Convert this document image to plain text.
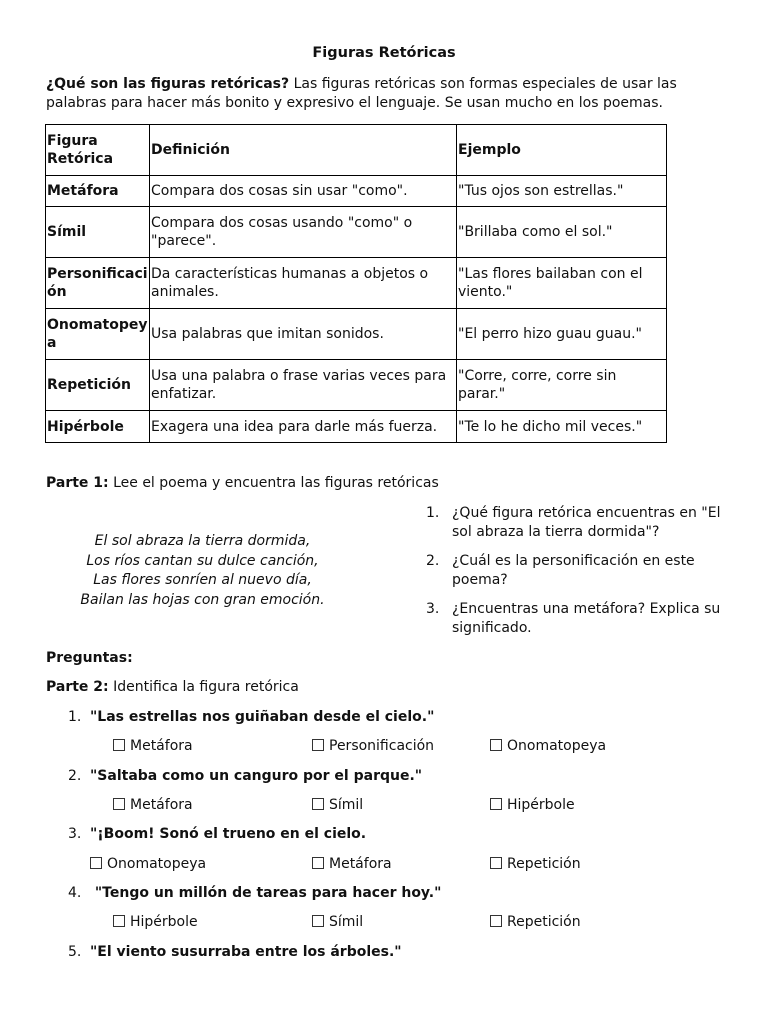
Figuras Retóricas
¿Qué son las figuras retóricas? Las figuras retóricas son formas especiales de usar las palabras para hacer más bonito y expresivo el lenguaje. Se usan mucho en los poemas.
Figura Retórica	Definición	Ejemplo
Metáfora	Compara dos cosas sin usar "como".	"Tus ojos son estrellas."
Símil	Compara dos cosas usando "como" o "parece".	"Brillaba como el sol."
Personificación	Da características humanas a objetos o animales.	"Las flores bailaban con el viento."
Onomatopeya	Usa palabras que imitan sonidos.	"El perro hizo guau guau."
Repetición	Usa una palabra o frase varias veces para enfatizar.	"Corre, corre, corre sin parar."
Hipérbole	Exagera una idea para darle más fuerza.	"Te lo he dicho mil veces."
Parte 1: Lee el poema y encuentra las figuras retóricas
El sol abraza la tierra dormida,
Los ríos cantan su dulce canción,
Las flores sonríen al nuevo día,
Bailan las hojas con gran emoción.
1. ¿Qué figura retórica encuentras en "El sol abraza la tierra dormida"?
2. ¿Cuál es la personificación en este poema?
3. ¿Encuentras una metáfora? Explica su significado.
Preguntas:
Parte 2: Identifica la figura retórica
1. "Las estrellas nos guiñaban desde el cielo."
Metáfora	Personificación	Onomatopeya
2. "Saltaba como un canguro por el parque."
Metáfora	Símil	Hipérbole
3. "¡Boom! Sonó el trueno en el cielo.
Onomatopeya	Metáfora	Repetición
4. "Tengo un millón de tareas para hacer hoy."
Hipérbole	Símil	Repetición
5. "El viento susurraba entre los árboles."
